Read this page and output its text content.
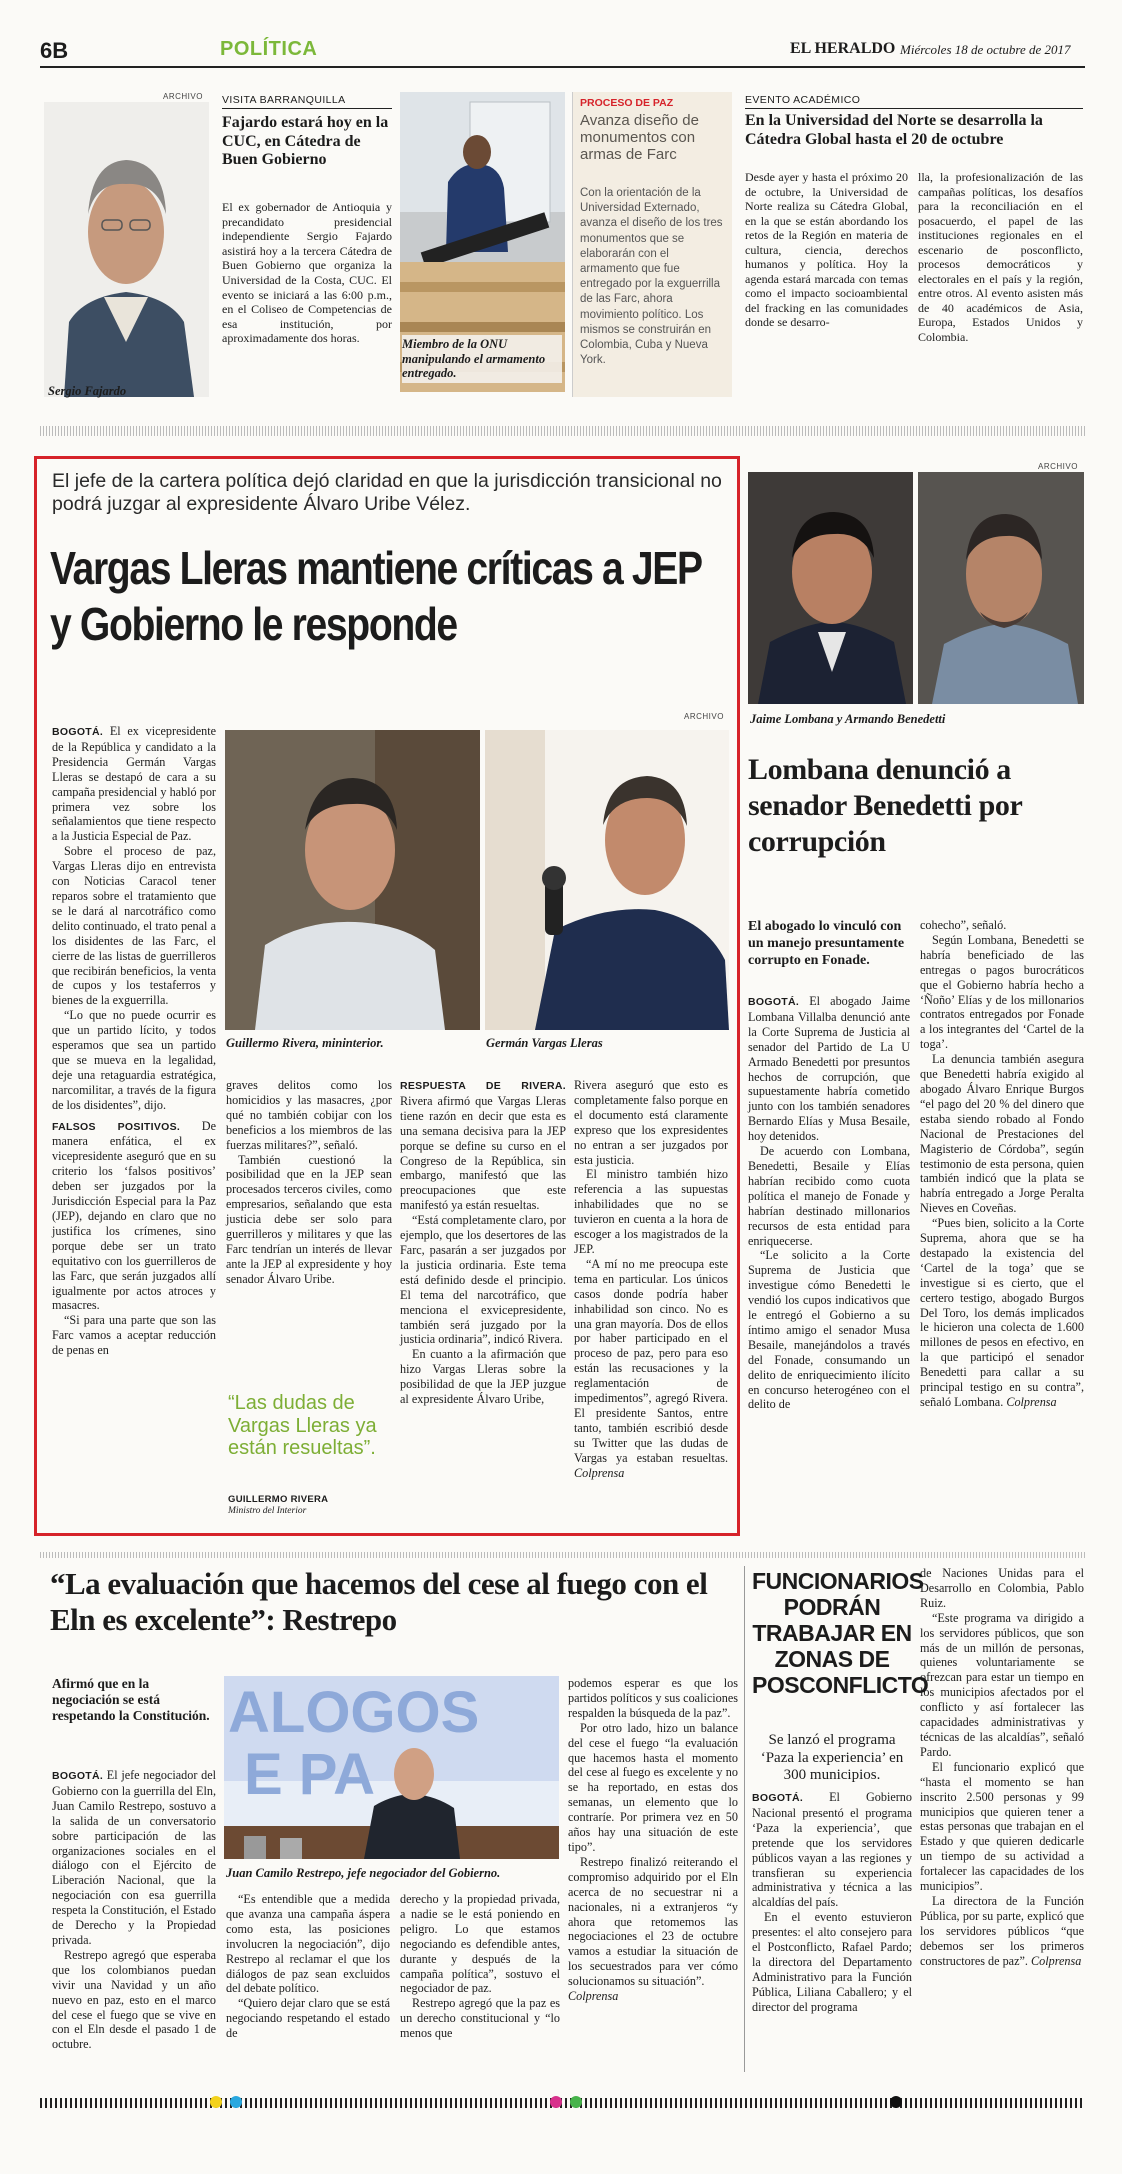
6B	POLÍTICA	EL HERALDO Miércoles 18 de octubre de 2017
ARCHIVO
Sergio Fajardo
VISITA BARRANQUILLA
Fajardo estará hoy en la CUC, en Cátedra de Buen Gobierno
El ex gobernador de Antioquia y precandidato presidencial independiente Sergio Fajardo asistirá hoy a la tercera Cátedra de Buen Gobierno que organiza la Universidad de la Costa, CUC. El evento se iniciará a las 6:00 p.m., en el Coliseo de Competencias de esa institución, por aproximadamente dos horas.	Miembro de la ONU manipulando el armamento entregado.
PROCESO DE PAZ
Avanza diseño de monumentos con armas de Farc
Con la orientación de la Universidad Externado, avanza el diseño de los tres monumentos que se elaborarán con el armamento que fue entregado por la exguerrilla de las Farc, ahora movimiento político. Los mismos se construirán en Colombia, Cuba y Nueva York.
EVENTO ACADÉMICO
En la Universidad del Norte se desarrolla la Cátedra Global hasta el 20 de octubre
Desde ayer y hasta el próximo 20 de octubre, la Universidad de Norte realiza su Cátedra Global, en la que se están abordando los retos de la Región en materia de cultura, ciencia, derechos humanos y política. Hoy la agenda estará marcada con temas como el impacto socioambiental del fracking en las comunidades donde se desarro-
lla, la profesionalización de las campañas políticas, los desafíos para la reconciliación en el posacuerdo, el papel de las instituciones regionales en el escenario de posconflicto, procesos democráticos y electorales en el país y la región, entre otros. Al evento asisten más de 40 académicos de Asia, Europa, Estados Unidos y Colombia.
El jefe de la cartera política dejó claridad en que la jurisdicción transicional no podrá juzgar al expresidente Álvaro Uribe Vélez.
Vargas Lleras mantiene críticas a JEP y Gobierno le responde
ARCHIVO
Guillermo Rivera, mininterior.	Germán Vargas Lleras

BOGOTÁ. El ex vicepresidente de la República y candidato a la Presidencia Germán Vargas Lleras se destapó de cara a su campaña presidencial y habló por primera vez sobre los señalamientos que tiene respecto a la Justicia Especial de Paz.

Sobre el proceso de paz, Vargas Lleras dijo en entrevista con Noticias Caracol tener reparos sobre el tratamiento que se le dará al narcotráfico como delito continuado, el trato penal a los disidentes de las Farc, el cierre de las listas de guerrilleros que recibirán beneficios, la venta de cupos y los testaferros y bienes de la exguerrilla.

“Lo que no puede ocurrir es que un partido lícito, y todos esperamos que sea un partido que se mueva en la legalidad, deje una retaguardia estratégica, narcomilitar, a través de la figura de los disidentes”, dijo.

FALSOS POSITIVOS. De manera enfática, el ex vicepresidente aseguró que en su criterio los ‘falsos positivos’ deben ser juzgados por la Jurisdicción Especial para la Paz (JEP), dejando en claro que no justifica los crímenes, sino porque debe ser un trato equitativo con los guerrilleros de las Farc, que serán juzgados allí igualmente por actos atroces y masacres.

“Si para una parte que son las Farc vamos a aceptar reducción de penas en

graves delitos como los homicidios y las masacres, ¿por qué no también cobijar con los beneficios a los miembros de las fuerzas militares?”, señaló.

También cuestionó la posibilidad que en la JEP sean procesados terceros civiles, como empresarios, señalando que esta justicia debe ser solo para guerrilleros y militares y que las Farc tendrían un interés de llevar ante la JEP al expresidente y hoy senador Álvaro Uribe.

“Las dudas de Vargas Lleras ya están resueltas”.
GUILLERMO RIVERA
Ministro del Interior

RESPUESTA DE RIVERA. Rivera afirmó que Vargas Lleras tiene razón en decir que esta es una semana decisiva para la JEP porque se define su curso en el Congreso de la República, sin embargo, manifestó que las preocupaciones que este manifestó ya están resueltas.

“Está completamente claro, por ejemplo, que los desertores de las Farc, pasarán a ser juzgados por la justicia ordinaria. Este tema está definido desde el principio. El tema del narcotráfico, que menciona el exvicepresidente, también será juzgado por la justicia ordinaria”, indicó Rivera.

En cuanto a la afirmación que hizo Vargas Lleras sobre la posibilidad de que la JEP juzgue al expresidente Álvaro Uribe,

Rivera aseguró que esto es completamente falso porque en el documento está claramente expreso que los expresidentes no entran a ser juzgados por esta justicia.

El ministro también hizo referencia a las supuestas inhabilidades que no se tuvieron en cuenta a la hora de escoger a los magistrados de la JEP.

“A mí no me preocupa este tema en particular. Los únicos casos donde podría haber inhabilidad son cinco. No es una gran mayoría. Dos de ellos por haber participado en el proceso de paz, pero para eso están las recusaciones y la reglamentación de impedimentos”, agregó Rivera. El presidente Santos, entre tanto, también escribió desde su Twitter que las dudas de Vargas ya estaban resueltas. Colprensa

ARCHIVO
Jaime Lombana y Armando Benedetti
Lombana denunció a senador Benedetti por corrupción
El abogado lo vinculó con un manejo presuntamente corrupto en Fonade.

BOGOTÁ. El abogado Jaime Lombana Villalba denunció ante la Corte Suprema de Justicia al senador del Partido de La U Armado Benedetti por presuntos hechos de corrupción, que supuestamente habría cometido junto con los también senadores Bernardo Elías y Musa Besaile, hoy detenidos.

De acuerdo con Lombana, Benedetti, Besaile y Elías habrían recibido como cuota política el manejo de Fonade y habrían destinado millonarios recursos de esta entidad para enriquecerse.

“Le solicito a la Corte Suprema de Justicia que investigue cómo Benedetti le vendió los cupos indicativos que le entregó el Gobierno a su íntimo amigo el senador Musa Besaile, manejándolos a través del Fonade, consumando un delito de enriquecimiento ilícito en concurso heterogéneo con el delito de

cohecho”, señaló.

Según Lombana, Benedetti se habría beneficiado de las entregas o pagos burocráticos que el Gobierno habría hecho a ‘Ñoño’ Elías y de los millonarios contratos entregados por Fonade a los integrantes del ‘Cartel de la toga’.

La denuncia también asegura que Benedetti habría exigido al abogado Álvaro Enrique Burgos “el pago del 20 % del dinero que estaba siendo robado al Fondo Nacional de Prestaciones del Magisterio de Córdoba”, según testimonio de esta persona, quien también indicó que la plata se habría entregado a Jorge Peralta Nieves en Coveñas.

“Pues bien, solicito a la Corte Suprema, ahora que se ha destapado la existencia del ‘Cartel de la toga’ que se investigue si es cierto, que el certero testigo, abogado Burgos Del Toro, los demás implicados le hicieron una colecta de 1.600 millones de pesos en efectivo, en la que participó el senador Benedetti para callar a su principal testigo en su contra”, señaló Lombana. Colprensa

“La evaluación que hacemos del cese al fuego con el Eln es excelente”: Restrepo
Afirmó que en la negociación se está respetando la Constitución. ALOGOS
E PA
Juan Camilo Restrepo, jefe negociador del Gobierno.

BOGOTÁ. El jefe negociador del Gobierno con la guerrilla del Eln, Juan Camilo Restrepo, sostuvo a la salida de un conversatorio sobre participación de las organizaciones sociales en el diálogo con el Ejército de Liberación Nacional, que la negociación con esa guerrilla respeta la Constitución, el Estado de Derecho y la Propiedad privada.

Restrepo agregó que esperaba que los colombianos puedan vivir una Navidad y un año nuevo en paz, esto en el marco del cese el fuego que se vive en con el Eln desde el pasado 1 de octubre.

“Es entendible que a medida que avanza una campaña áspera como esta, las posiciones involucren la negociación”, dijo Restrepo al reclamar el que los diálogos de paz sean excluidos del debate político.

“Quiero dejar claro que se está negociando respetando el estado de

derecho y la propiedad privada, a nadie se le está poniendo en peligro. Lo que estamos negociando es defendible antes, durante y después de la campaña política”, sostuvo el negociador de paz.

Restrepo agregó que la paz es un derecho constitucional y “lo menos que

podemos esperar es que los partidos políticos y sus coaliciones respalden la búsqueda de la paz”.

Por otro lado, hizo un balance del cese el fuego “la evaluación que hacemos hasta el momento del cese al fuego es excelente y no se ha reportado, en estas dos semanas, un elemento que lo contraríe. Por primera vez en 50 años hay una situación de este tipo”.

Restrepo finalizó reiterando el compromiso adquirido por el Eln acerca de no secuestrar ni a nacionales, ni a extranjeros “y ahora que retomemos las negociaciones el 23 de octubre vamos a estudiar la situación de los secuestrados para ver cómo solucionamos su situación”.

Colprensa

FUNCIONARIOS PODRÁN TRABAJAR EN ZONAS DE POSCONFLICTO
Se lanzó el programa ‘Paza la experiencia’ en 300 municipios.

BOGOTÁ. El Gobierno Nacional presentó el programa ‘Paza la experiencia’, que pretende que los servidores públicos vayan a las regiones y transfieran su experiencia administrativa y técnica a las alcaldías del país.

En el evento estuvieron presentes: el alto consejero para el Postconflicto, Rafael Pardo; la directora del Departamento Administrativo para la Función Pública, Liliana Caballero; y el director del programa

de Naciones Unidas para el Desarrollo en Colombia, Pablo Ruiz.

“Este programa va dirigido a los servidores públicos, que son más de un millón de personas, quienes voluntariamente se ofrezcan para estar un tiempo en los municipios afectados por el conflicto y así fortalecer las capacidades administrativas y técnicas de las alcaldías”, señaló Pardo.

El funcionario explicó que “hasta el momento se han inscrito 2.500 personas y 99 municipios que quieren tener a estas personas que trabajan en el Estado y que quieren dedicarle un tiempo de su actividad a fortalecer las capacidades de los municipios”.

La directora de la Función Pública, por su parte, explicó que los servidores públicos “que debemos ser los primeros constructores de paz”. Colprensa
